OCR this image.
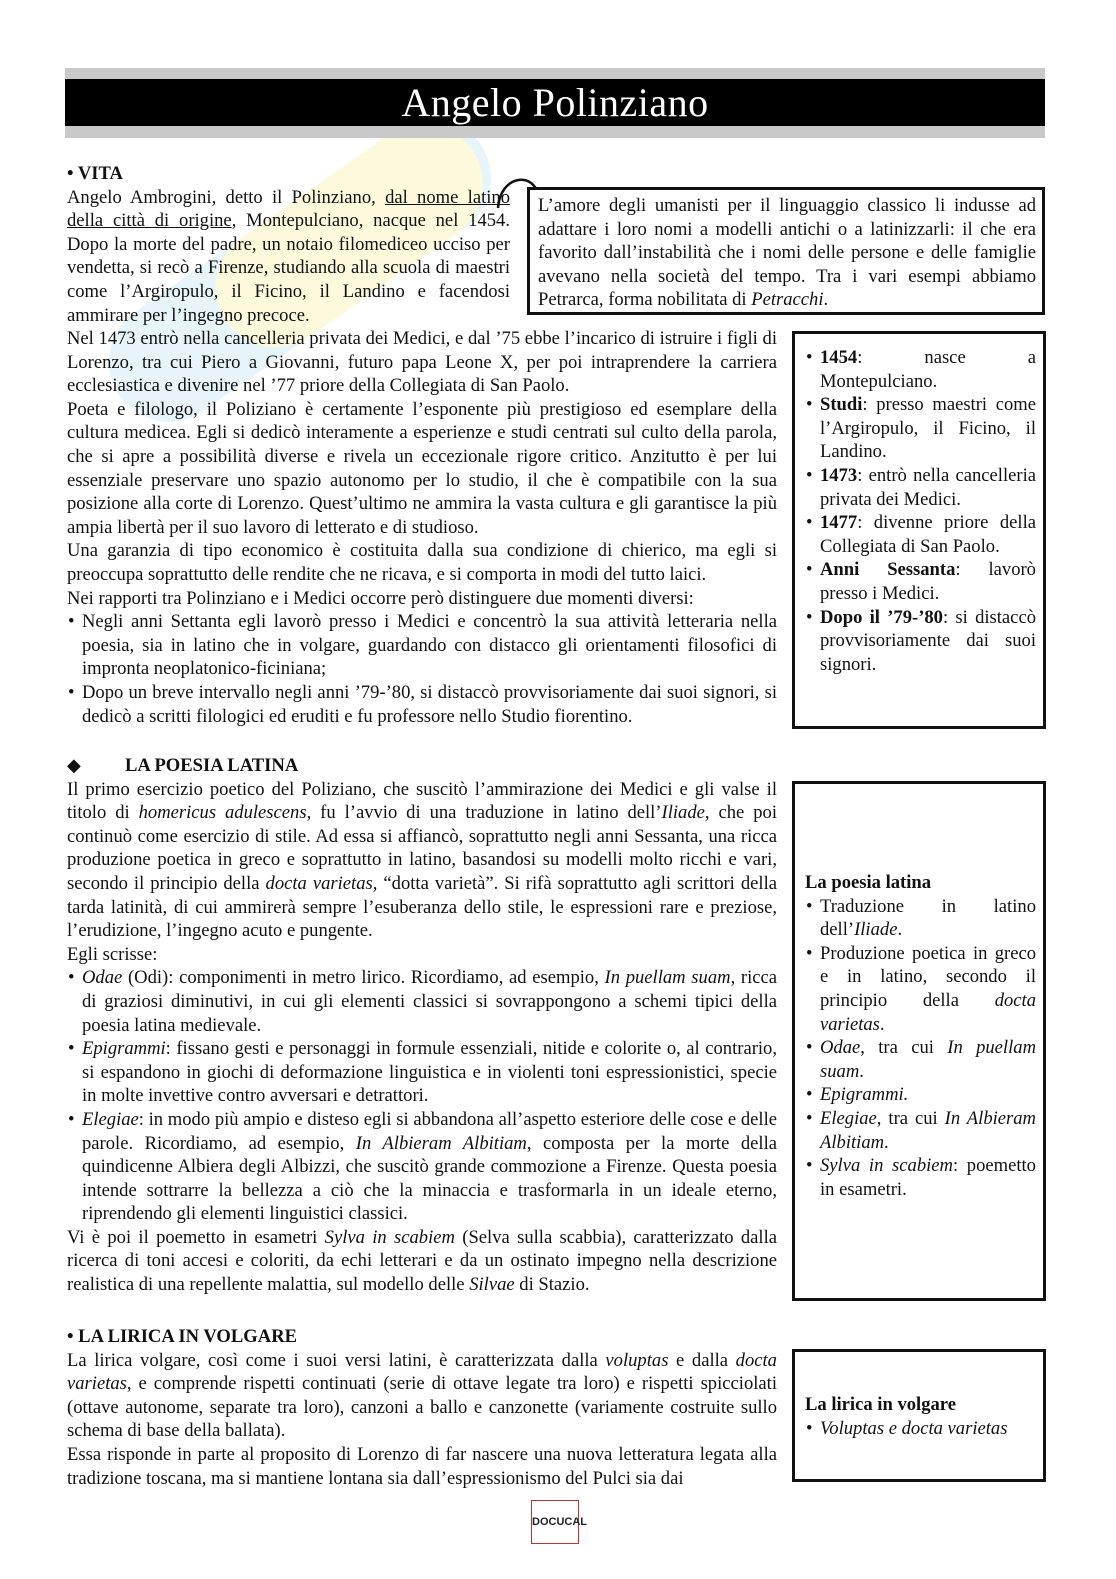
Angelo Polinziano
L’amore degli umanisti per il linguaggio classico li indusse ad adattare i loro nomi a modelli antichi o a latinizzarli: il che era favorito dall’instabilità che i nomi delle persone e delle famiglie avevano nella società del tempo. Tra i vari esempi abbiamo Petrarca, forma nobilitata di Petracchi.

• VITA

Angelo Ambrogini, detto il Polinziano, dal nome latino della città di origine, Montepulciano, nacque nel 1454. Dopo la morte del padre, un notaio filomediceo ucciso per vendetta, si recò a Firenze, studiando alla scuola di maestri come l’Argiropulo, il Ficino, il Landino e facendosi ammirare per l’ingegno precoce.

Nel 1473 entrò nella cancelleria privata dei Medici, e dal ’75 ebbe l’incarico di istruire i figli di Lorenzo, tra cui Piero a Giovanni, futuro papa Leone X, per poi intraprendere la carriera ecclesiastica e divenire nel ’77 priore della Collegiata di San Paolo.

Poeta e filologo, il Poliziano è certamente l’esponente più prestigioso ed esemplare della cultura medicea. Egli si dedicò interamente a esperienze e studi centrati sul culto della parola, che si apre a possibilità diverse e rivela un eccezionale rigore critico. Anzitutto è per lui essenziale preservare uno spazio autonomo per lo studio, il che è compatibile con la sua posizione alla corte di Lorenzo. Quest’ultimo ne ammira la vasta cultura e gli garantisce la più ampia libertà per il suo lavoro di letterato e di studioso.

Una garanzia di tipo economico è costituita dalla sua condizione di chierico, ma egli si preoccupa soprattutto delle rendite che ne ricava, e si comporta in modi del tutto laici.

Nei rapporti tra Polinziano e i Medici occorre però distinguere due momenti diversi:

• Negli anni Settanta egli lavorò presso i Medici e concentrò la sua attività letteraria nella poesia, sia in latino che in volgare, guardando con distacco gli orientamenti filosofici di impronta neoplatonico-ficiniana;
• Dopo un breve intervallo negli anni ’79-’80, si distaccò provvisoriamente dai suoi signori, si dedicò a scritti filologici ed eruditi e fu professore nello Studio fiorentino.
• 1454: nasce a Montepulciano.
• Studi: presso maestri come l’Argiropulo, il Ficino, il Landino.
• 1473: entrò nella cancelleria privata dei Medici.
• 1477: divenne priore della Collegiata di San Paolo.
• Anni Sessanta: lavorò presso i Medici.
• Dopo il ’79-’80: si distaccò provvisoriamente dai suoi signori.

◆ LA POESIA LATINA

Il primo esercizio poetico del Poliziano, che suscitò l’ammirazione dei Medici e gli valse il titolo di homericus adulescens, fu l’avvio di una traduzione in latino dell’Iliade, che poi continuò come esercizio di stile. Ad essa si affiancò, soprattutto negli anni Sessanta, una ricca produzione poetica in greco e soprattutto in latino, basandosi su modelli molto ricchi e vari, secondo il principio della docta varietas, “dotta varietà”. Si rifà soprattutto agli scrittori della tarda latinità, di cui ammirerà sempre l’esuberanza dello stile, le espressioni rare e preziose, l’erudizione, l’ingegno acuto e pungente.

Egli scrisse:

• Odae (Odi): componimenti in metro lirico. Ricordiamo, ad esempio, In puellam suam, ricca di graziosi diminutivi, in cui gli elementi classici si sovrappongono a schemi tipici della poesia latina medievale.
• Epigrammi: fissano gesti e personaggi in formule essenziali, nitide e colorite o, al contrario, si espandono in giochi di deformazione linguistica e in violenti toni espressionistici, specie in molte invettive contro avversari e detrattori.
• Elegiae: in modo più ampio e disteso egli si abbandona all’aspetto esteriore delle cose e delle parole. Ricordiamo, ad esempio, In Albieram Albitiam, composta per la morte della quindicenne Albiera degli Albizzi, che suscitò grande commozione a Firenze. Questa poesia intende sottrarre la bellezza a ciò che la minaccia e trasformarla in un ideale eterno, riprendendo gli elementi linguistici classici.

Vi è poi il poemetto in esametri Sylva in scabiem (Selva sulla scabbia), caratterizzato dalla ricerca di toni accesi e coloriti, da echi letterari e da un ostinato impegno nella descrizione realistica di una repellente malattia, sul modello delle Silvae di Stazio.

La poesia latina

• Traduzione in latino dell’Iliade.
• Produzione poetica in greco e in latino, secondo il principio della docta varietas.
• Odae, tra cui In puellam suam.
• Epigrammi.
• Elegiae, tra cui In Albieram Albitiam.
• Sylva in scabiem: poemetto in esametri.

• LA LIRICA IN VOLGARE

La lirica volgare, così come i suoi versi latini, è caratterizzata dalla voluptas e dalla docta varietas, e comprende rispetti continuati (serie di ottave legate tra loro) e rispetti spicciolati (ottave autonome, separate tra loro), canzoni a ballo e canzonette (variamente costruite sullo schema di base della ballata).

Essa risponde in parte al proposito di Lorenzo di far nascere una nuova letteratura legata alla tradizione toscana, ma si mantiene lontana sia dall’espressionismo del Pulci sia dai

La lirica in volgare

• Voluptas e docta varietas
DOCUCAL
